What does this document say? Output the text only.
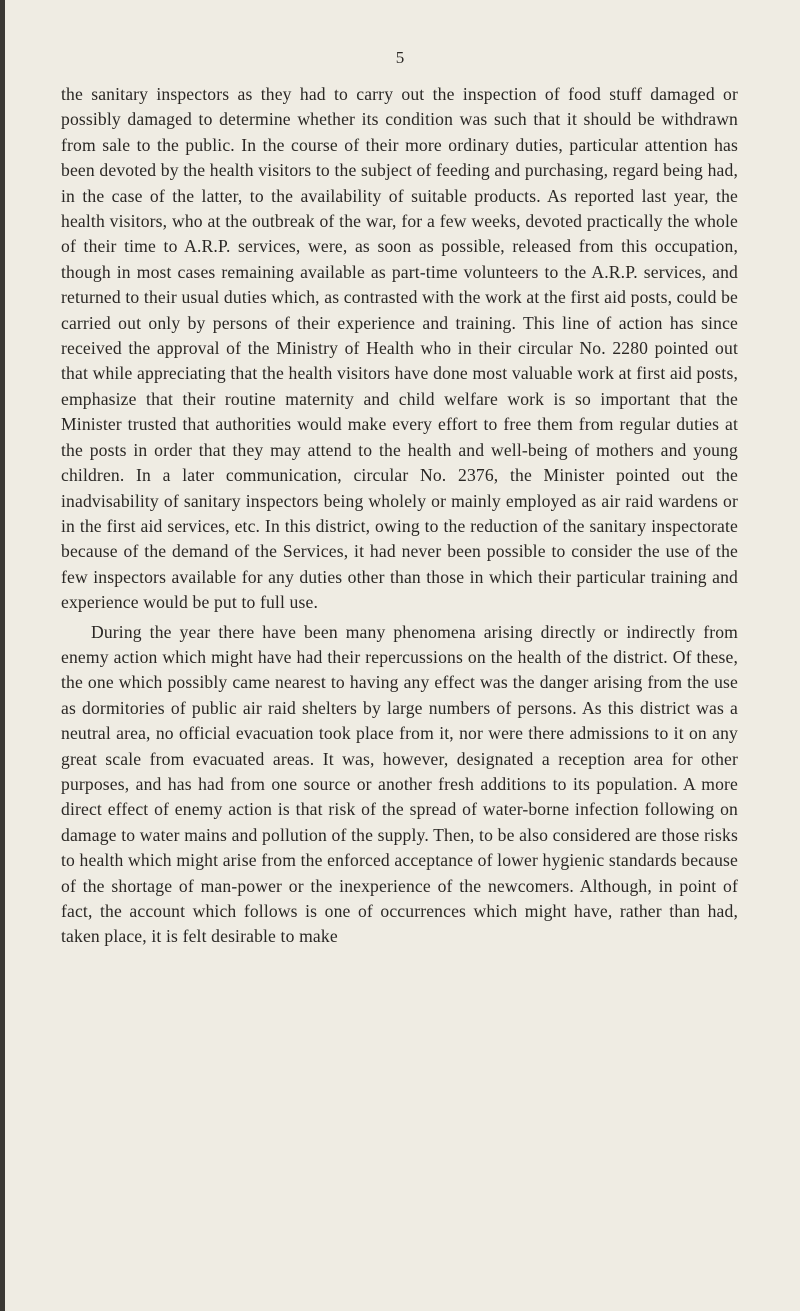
5

the sanitary inspectors as they had to carry out the inspection of food stuff damaged or possibly damaged to determine whether its condition was such that it should be withdrawn from sale to the public. In the course of their more ordinary duties, particular attention has been devoted by the health visitors to the subject of feeding and purchasing, regard being had, in the case of the latter, to the availability of suitable products. As reported last year, the health visitors, who at the outbreak of the war, for a few weeks, devoted practically the whole of their time to A.R.P. services, were, as soon as possible, released from this occupation, though in most cases remaining available as part-time volunteers to the A.R.P. services, and returned to their usual duties which, as contrasted with the work at the first aid posts, could be carried out only by persons of their experience and training. This line of action has since received the approval of the Ministry of Health who in their circular No. 2280 pointed out that while appreciating that the health visitors have done most valuable work at first aid posts, emphasize that their routine maternity and child welfare work is so important that the Minister trusted that authorities would make every effort to free them from regular duties at the posts in order that they may attend to the health and well-being of mothers and young children. In a later communication, circular No. 2376, the Minister pointed out the inadvisability of sanitary inspectors being wholely or mainly employed as air raid wardens or in the first aid services, etc. In this district, owing to the reduction of the sanitary inspectorate because of the demand of the Services, it had never been possible to consider the use of the few inspectors available for any duties other than those in which their particular training and experience would be put to full use.

During the year there have been many phenomena arising directly or indirectly from enemy action which might have had their repercussions on the health of the district. Of these, the one which possibly came nearest to having any effect was the danger arising from the use as dormitories of public air raid shelters by large numbers of persons. As this district was a neutral area, no official evacuation took place from it, nor were there admissions to it on any great scale from evacuated areas. It was, however, designated a reception area for other purposes, and has had from one source or another fresh additions to its population. A more direct effect of enemy action is that risk of the spread of water-borne infection following on damage to water mains and pollution of the supply. Then, to be also considered are those risks to health which might arise from the enforced acceptance of lower hygienic standards because of the shortage of man-power or the inexperience of the newcomers. Although, in point of fact, the account which follows is one of occurrences which might have, rather than had, taken place, it is felt desirable to make
